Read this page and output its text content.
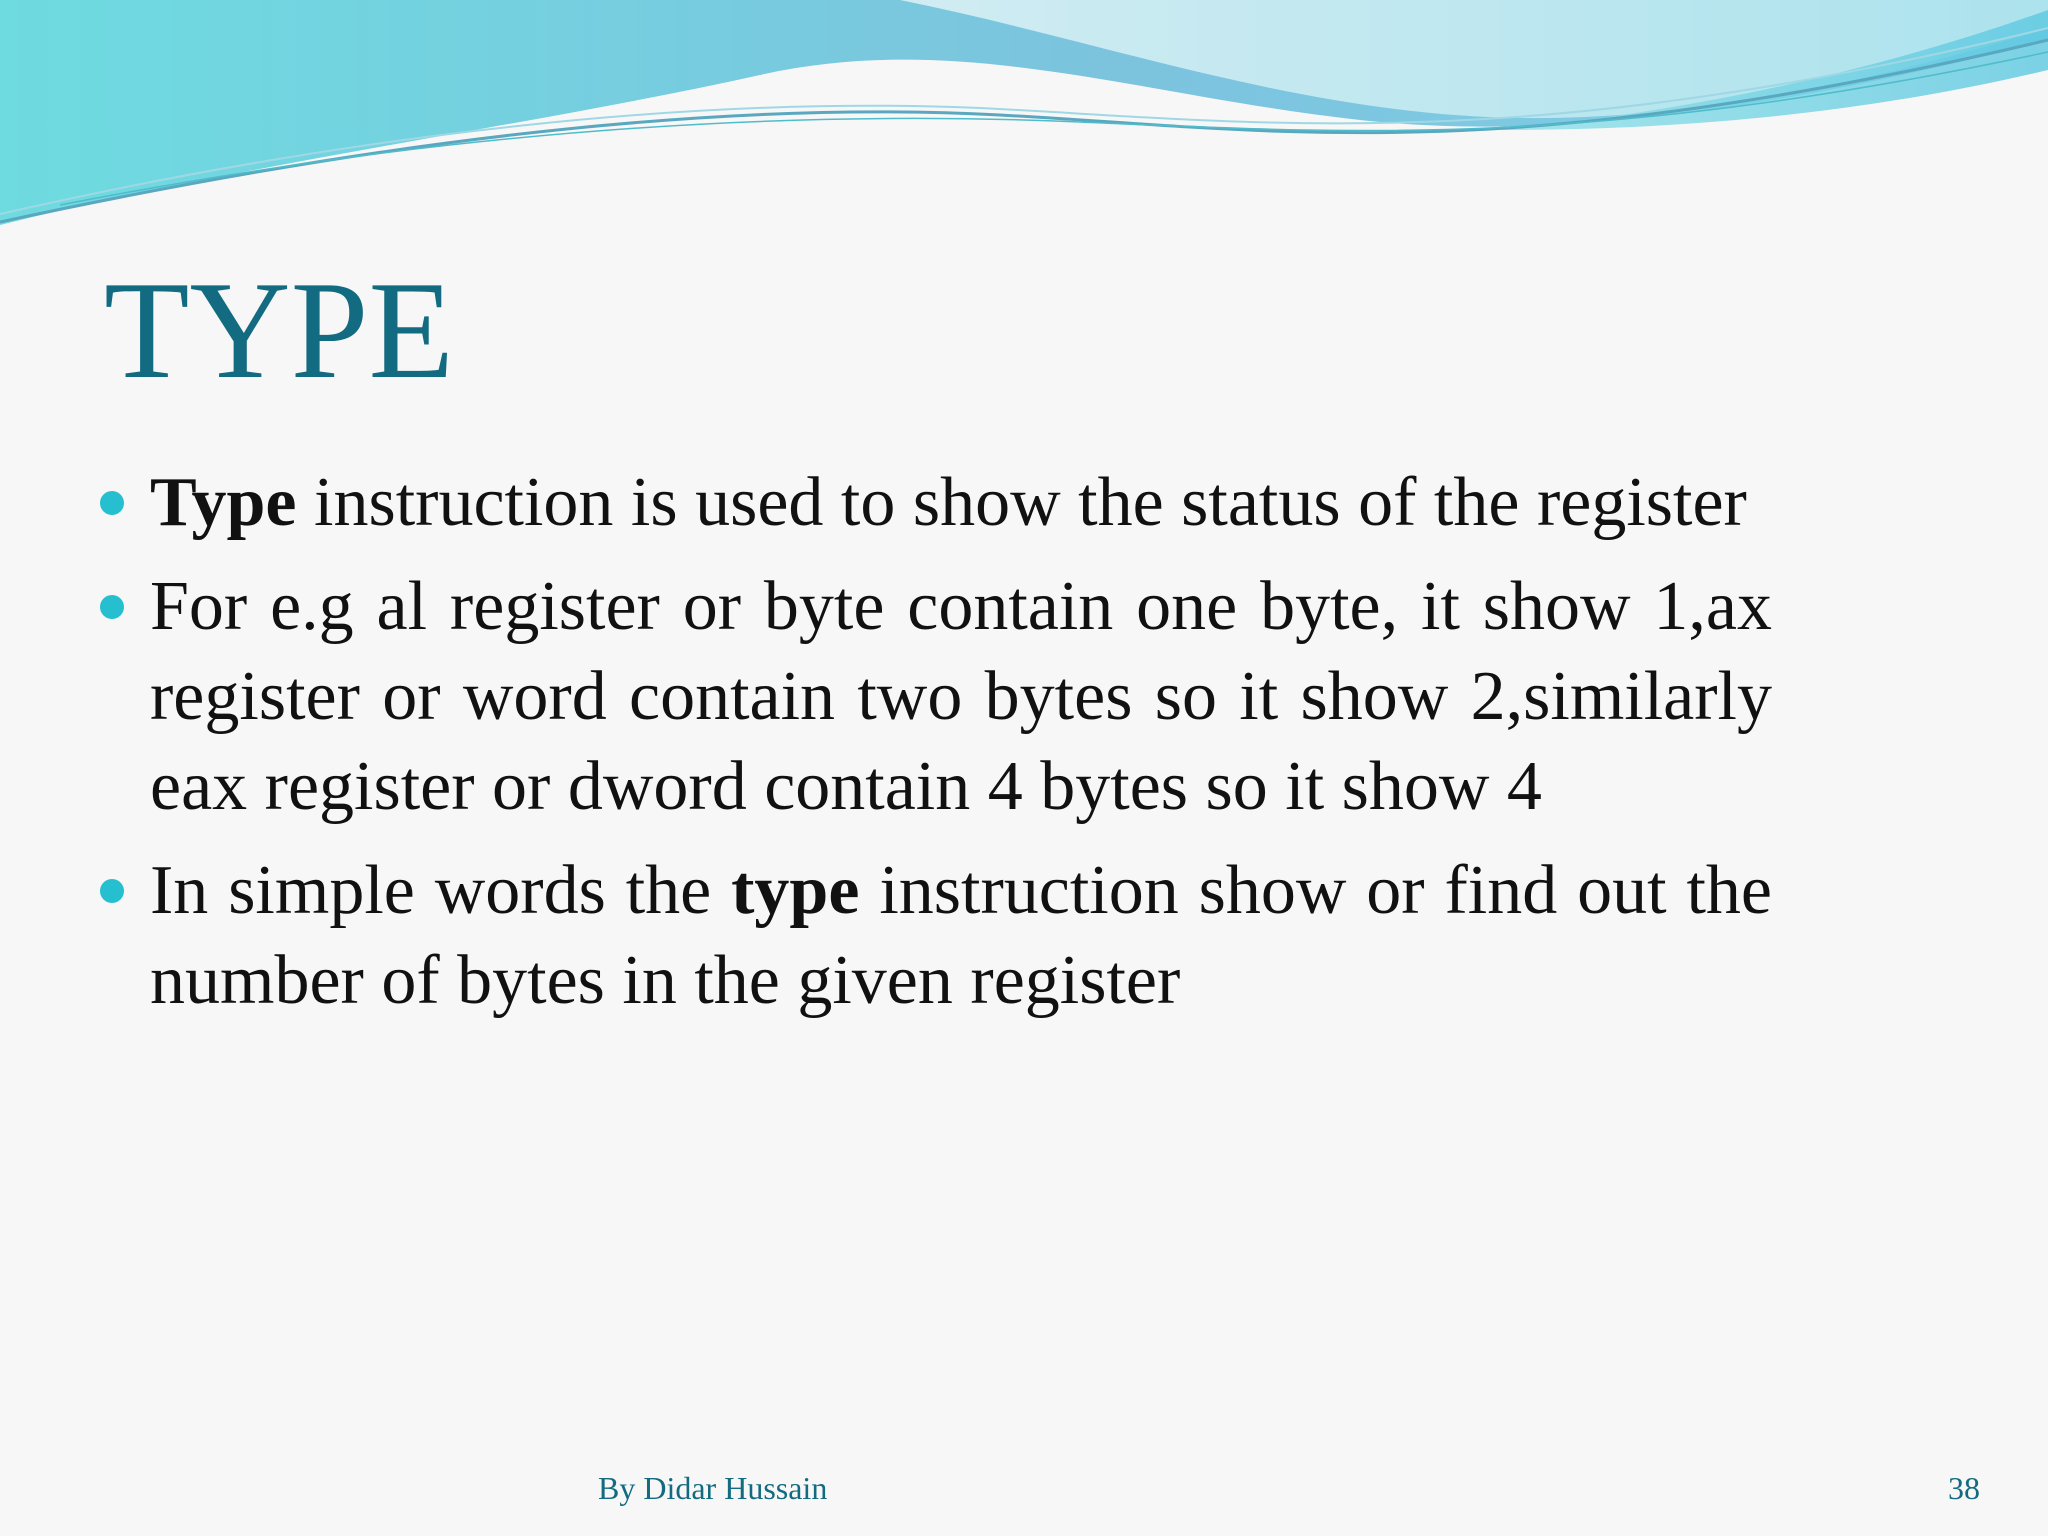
TYPE
Type instruction is used to show the status of the register
For e.g al register or byte contain one byte, it show 1,ax register or word contain two bytes so it show 2,similarly eax register or dword contain 4 bytes so it show 4
In simple words the type instruction show or find out the number of bytes in the given register
By Didar Hussain	38
